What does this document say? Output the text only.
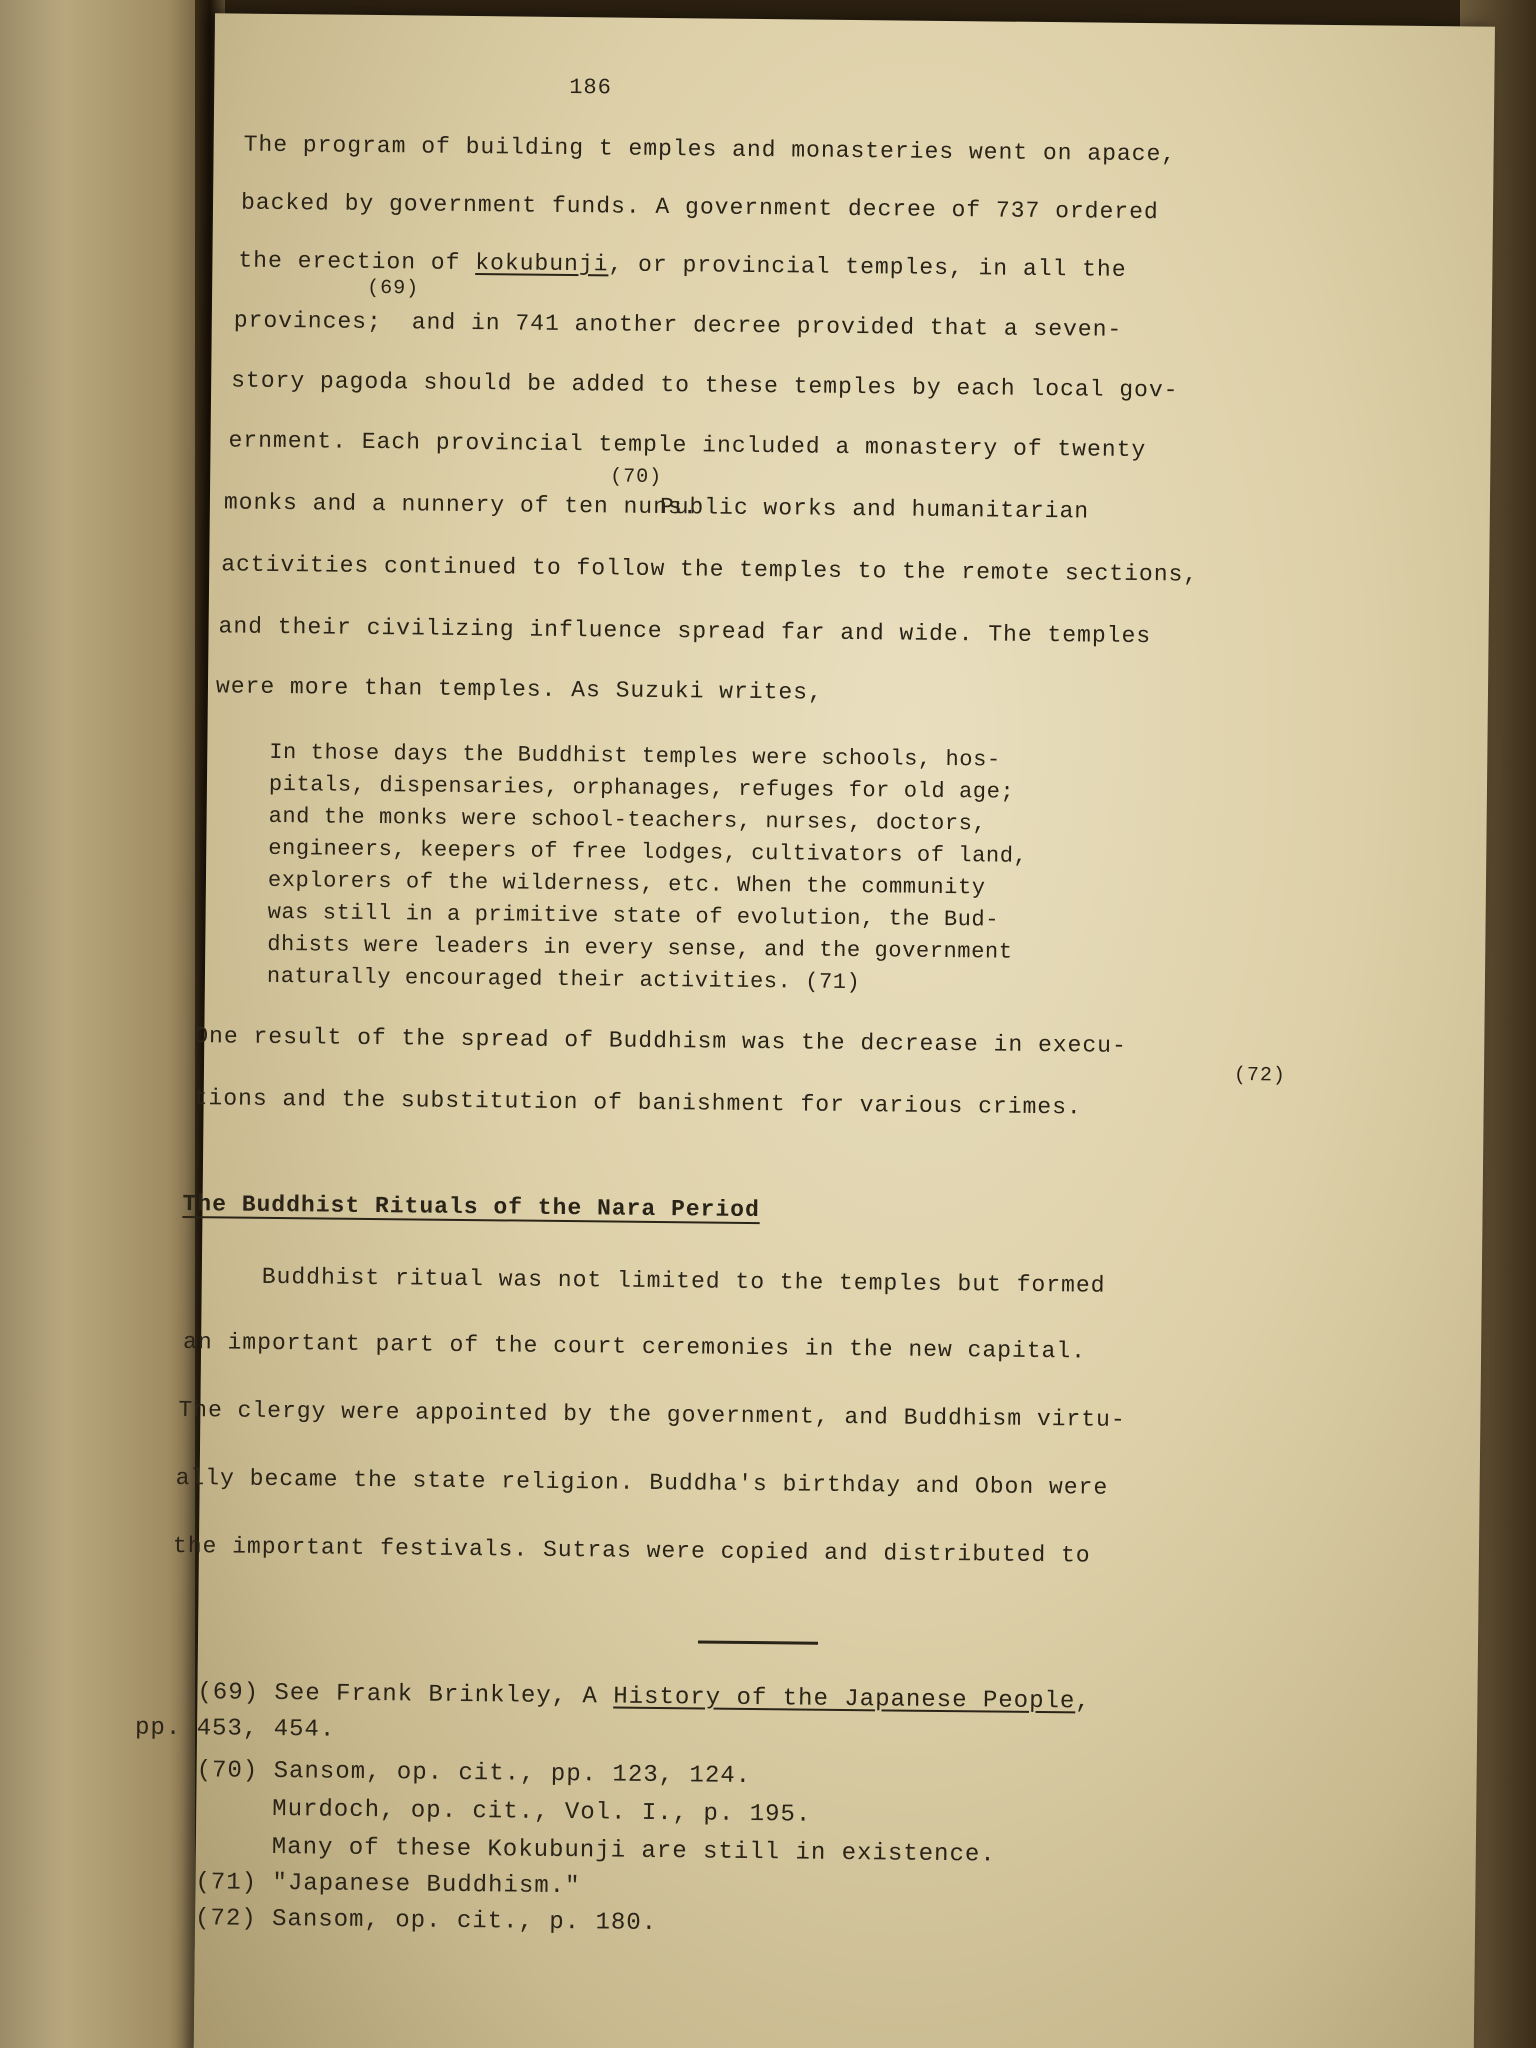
186
The program of building t emples and monasteries went on apace,
backed by government funds. A government decree of 737 ordered
the erection of kokubunji, or provincial temples, in all the
(69)
provinces; and in 741 another decree provided that a seven-
story pagoda should be added to these temples by each local gov-
ernment. Each provincial temple included a monastery of twenty
(70)
monks and a nunnery of ten nuns.
Public works and humanitarian
activities continued to follow the temples to the remote sections,
and their civilizing influence spread far and wide. The temples
were more than temples. As Suzuki writes,
In those days the Buddhist temples were schools, hos-
pitals, dispensaries, orphanages, refuges for old age;
and the monks were school-teachers, nurses, doctors,
engineers, keepers of free lodges, cultivators of land,
explorers of the wilderness, etc. When the community
was still in a primitive state of evolution, the Bud-
dhists were leaders in every sense, and the government
naturally encouraged their activities. (71)
One result of the spread of Buddhism was the decrease in execu-
(72)
tions and the substitution of banishment for various crimes.
The Buddhist Rituals of the Nara Period
Buddhist ritual was not limited to the temples but formed
an important part of the court ceremonies in the new capital.
The clergy were appointed by the government, and Buddhism virtu-
ally became the state religion. Buddha's birthday and Obon were
the important festivals. Sutras were copied and distributed to
(69) See Frank Brinkley, A History of the Japanese People,
pp. 453, 454.
(70) Sansom, op. cit., pp. 123, 124.
Murdoch, op. cit., Vol. I., p. 195.
Many of these Kokubunji are still in existence.
(71) "Japanese Buddhism."
(72) Sansom, op. cit., p. 180.
